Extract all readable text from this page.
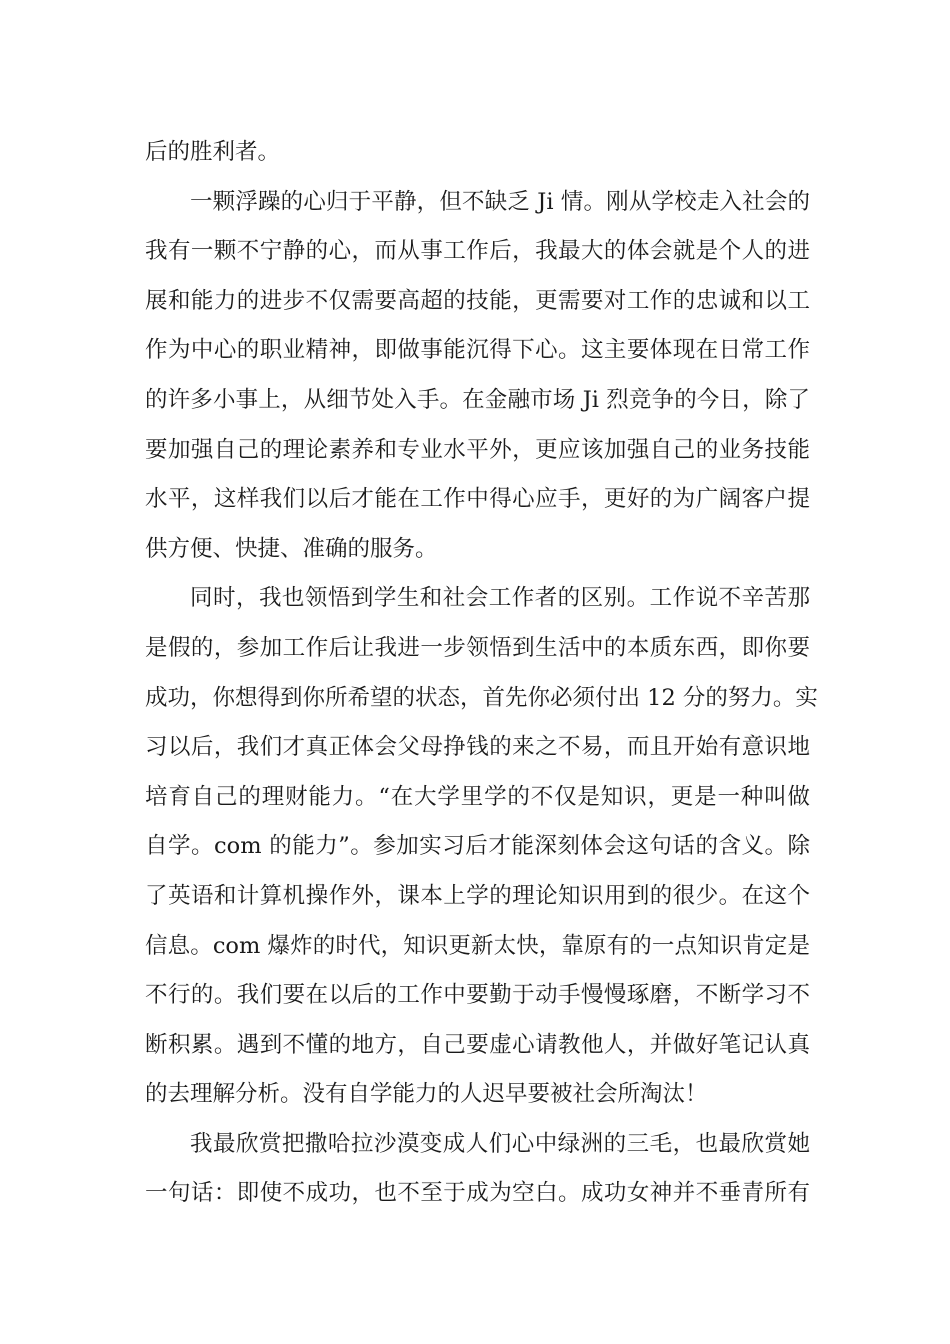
后的胜利者。
一颗浮躁的心归于平静，但不缺乏 Ji 情。刚从学校走入社会的
我有一颗不宁静的心，而从事工作后，我最大的体会就是个人的进
展和能力的进步不仅需要高超的技能，更需要对工作的忠诚和以工
作为中心的职业精神，即做事能沉得下心。这主要体现在日常工作
的许多小事上，从细节处入手。在金融市场 Ji 烈竞争的今日，除了
要加强自己的理论素养和专业水平外，更应该加强自己的业务技能
水平，这样我们以后才能在工作中得心应手，更好的为广阔客户提
供方便、快捷、准确的服务。
同时，我也领悟到学生和社会工作者的区别。工作说不辛苦那
是假的，参加工作后让我进一步领悟到生活中的本质东西，即你要
成功，你想得到你所希望的状态，首先你必须付出 12 分的努力。实
习以后，我们才真正体会父母挣钱的来之不易，而且开始有意识地
培育自己的理财能力。“在大学里学的不仅是知识，更是一种叫做
自学。com 的能力”。参加实习后才能深刻体会这句话的含义。除
了英语和计算机操作外，课本上学的理论知识用到的很少。在这个
信息。com 爆炸的时代，知识更新太快，靠原有的一点知识肯定是
不行的。我们要在以后的工作中要勤于动手慢慢琢磨，不断学习不
断积累。遇到不懂的地方，自己要虚心请教他人，并做好笔记认真
的去理解分析。没有自学能力的人迟早要被社会所淘汰！
我最欣赏把撒哈拉沙漠变成人们心中绿洲的三毛，也最欣赏她
一句话：即使不成功，也不至于成为空白。成功女神并不垂青所有
